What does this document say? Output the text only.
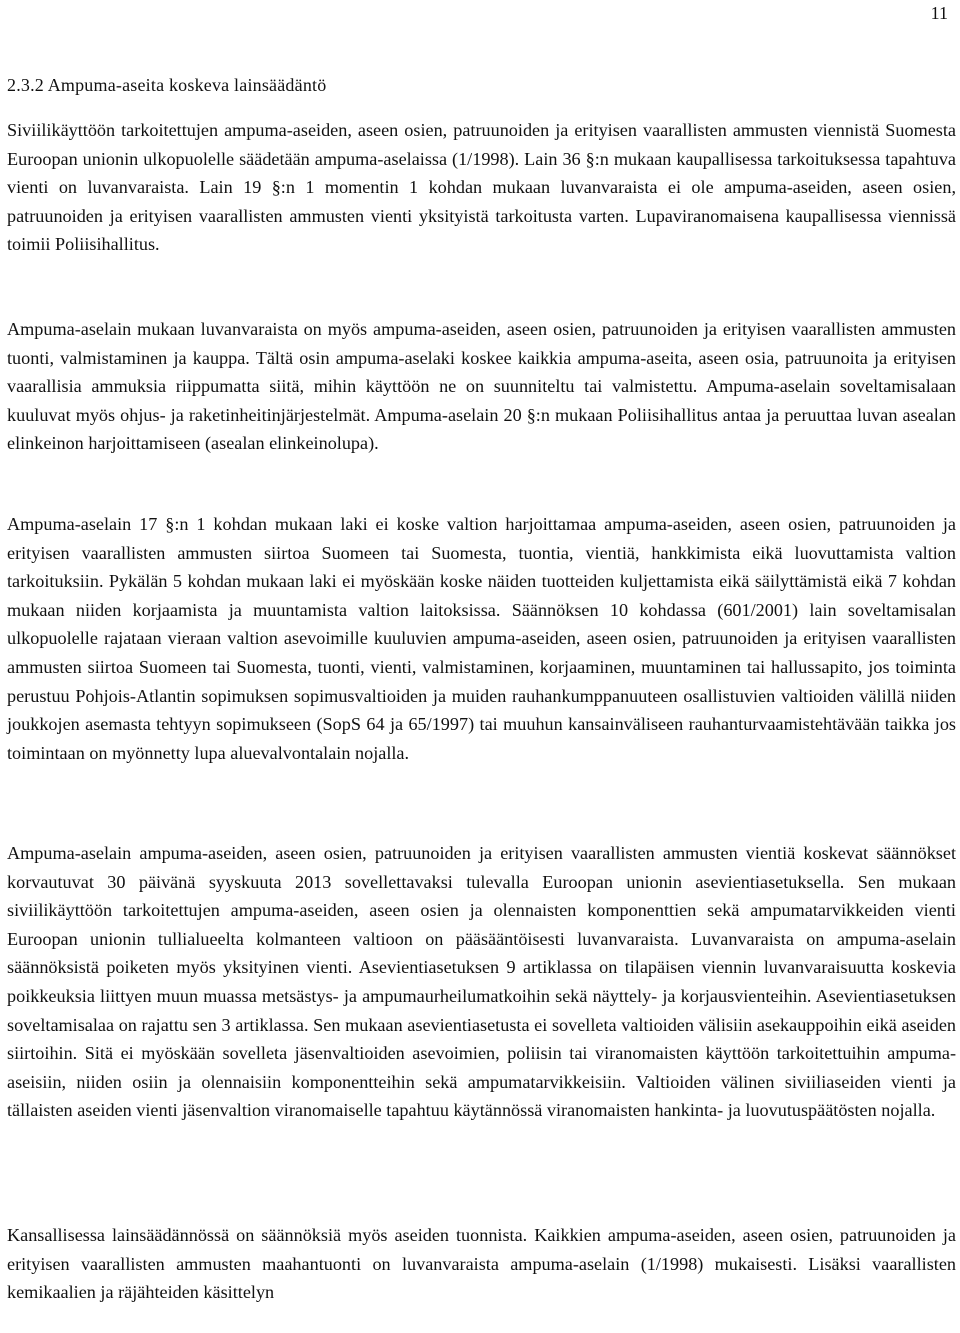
11
2.3.2 Ampuma-aseita koskeva lainsäädäntö

Siviilikäyttöön tarkoitettujen ampuma-aseiden, aseen osien, patruunoiden ja erityisen vaarallisten ammusten viennistä Suomesta Euroopan unionin ulkopuolelle säädetään ampuma-aselaissa (1/1998). Lain 36 §:n mukaan kaupallisessa tarkoituksessa tapahtuva vienti on luvanvaraista. Lain 19 §:n 1 momentin 1 kohdan mukaan luvanvaraista ei ole ampuma-aseiden, aseen osien, patruunoiden ja erityisen vaarallisten ammusten vienti yksityistä tarkoitusta varten. Lupaviranomaisena kaupallisessa viennissä toimii Poliisihallitus.

Ampuma-aselain mukaan luvanvaraista on myös ampuma-aseiden, aseen osien, patruunoiden ja erityisen vaarallisten ammusten tuonti, valmistaminen ja kauppa. Tältä osin ampuma-aselaki koskee kaikkia ampuma-aseita, aseen osia, patruunoita ja erityisen vaarallisia ammuksia riippumatta siitä, mihin käyttöön ne on suunniteltu tai valmistettu. Ampuma-aselain soveltamisalaan kuuluvat myös ohjus- ja raketinheitinjärjestelmät. Ampuma-aselain 20 §:n mukaan Poliisihallitus antaa ja peruuttaa luvan asealan elinkeinon harjoittamiseen (asealan elinkeinolupa).

Ampuma-aselain 17 §:n 1 kohdan mukaan laki ei koske valtion harjoittamaa ampuma-aseiden, aseen osien, patruunoiden ja erityisen vaarallisten ammusten siirtoa Suomeen tai Suomesta, tuontia, vientiä, hankkimista eikä luovuttamista valtion tarkoituksiin. Pykälän 5 kohdan mukaan laki ei myöskään koske näiden tuotteiden kuljettamista eikä säilyttämistä eikä 7 kohdan mukaan niiden korjaamista ja muuntamista valtion laitoksissa. Säännöksen 10 kohdassa (601/2001) lain soveltamisalan ulkopuolelle rajataan vieraan valtion asevoimille kuuluvien ampuma-aseiden, aseen osien, patruunoiden ja erityisen vaarallisten ammusten siirtoa Suomeen tai Suomesta, tuonti, vienti, valmistaminen, korjaaminen, muuntaminen tai hallussapito, jos toiminta perustuu Pohjois-Atlantin sopimuksen sopimusvaltioiden ja muiden rauhankumppanuuteen osallistuvien valtioiden välillä niiden joukkojen asemasta tehtyyn sopimukseen (SopS 64 ja 65/1997) tai muuhun kansainväliseen rauhanturvaamistehtävään taikka jos toimintaan on myönnetty lupa aluevalvontalain nojalla.

Ampuma-aselain ampuma-aseiden, aseen osien, patruunoiden ja erityisen vaarallisten ammusten vientiä koskevat säännökset korvautuvat 30 päivänä syyskuuta 2013 sovellettavaksi tulevalla Euroopan unionin asevientiasetuksella. Sen mukaan siviilikäyttöön tarkoitettujen ampuma-aseiden, aseen osien ja olennaisten komponenttien sekä ampumatarvikkeiden vienti Euroopan unionin tullialueelta kolmanteen valtioon on pääsääntöisesti luvanvaraista. Luvanvaraista on ampuma-aselain säännöksistä poiketen myös yksityinen vienti. Asevientiasetuksen 9 artiklassa on tilapäisen viennin luvanvaraisuutta koskevia poikkeuksia liittyen muun muassa metsästys- ja ampumaurheilumatkoihin sekä näyttely- ja korjausvienteihin. Asevientiasetuksen soveltamisalaa on rajattu sen 3 artiklassa. Sen mukaan asevientiasetusta ei sovelleta valtioiden välisiin asekauppoihin eikä aseiden siirtoihin. Sitä ei myöskään sovelleta jäsenvaltioiden asevoimien, poliisin tai viranomaisten käyttöön tarkoitettuihin ampuma-aseisiin, niiden osiin ja olennaisiin komponentteihin sekä ampumatarvikkeisiin. Valtioiden välinen siviiliaseiden vienti ja tällaisten aseiden vienti jäsenvaltion viranomaiselle tapahtuu käytännössä viranomaisten hankinta- ja luovutuspäätösten nojalla.

Kansallisessa lainsäädännössä on säännöksiä myös aseiden tuonnista. Kaikkien ampuma-aseiden, aseen osien, patruunoiden ja erityisen vaarallisten ammusten maahantuonti on luvanvaraista ampuma-aselain (1/1998) mukaisesti. Lisäksi vaarallisten kemikaalien ja räjähteiden käsittelyn
